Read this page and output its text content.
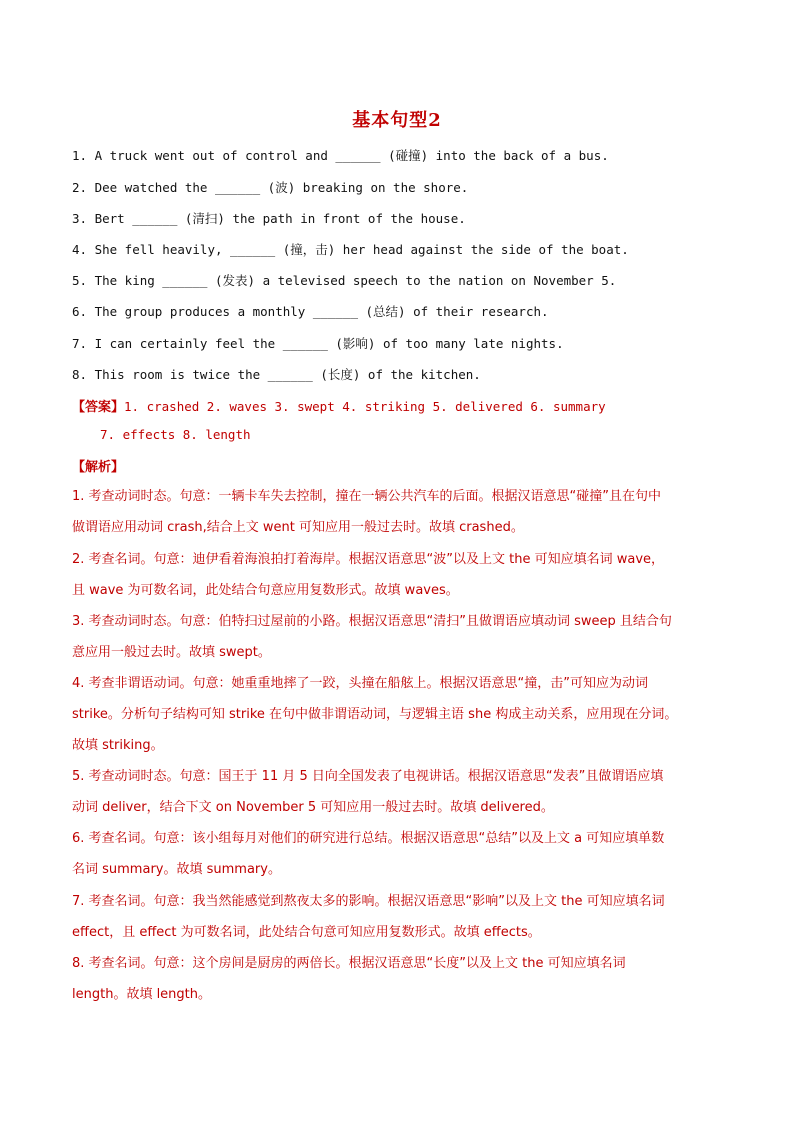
基本句型2
1. A truck went out of control and ______ (碰撞) into the back of a bus.
2. Dee watched the ______ (波) breaking on the shore.
3. Bert ______ (清扫) the path in front of the house.
4. She fell heavily, ______ (撞，击) her head against the side of the boat.
5. The king ______ (发表) a televised speech to the nation on November 5.
6. The group produces a monthly ______ (总结) of their research.
7. I can certainly feel the ______ (影响) of too many late nights.
8. This room is twice the ______ (长度) of the kitchen.
【答案】1. crashed 2. waves 3. swept 4. striking 5. delivered 6. summary
7. effects 8. length
【解析】
1. 考查动词时态。句意：一辆卡车失去控制，撞在一辆公共汽车的后面。根据汉语意思“碰撞”且在句中
做谓语应用动词 crash,结合上文 went 可知应用一般过去时。故填 crashed。
2. 考查名词。句意：迪伊看着海浪拍打着海岸。根据汉语意思“波”以及上文 the 可知应填名词 wave，
且 wave 为可数名词，此处结合句意应用复数形式。故填 waves。
3. 考查动词时态。句意：伯特扫过屋前的小路。根据汉语意思“清扫”且做谓语应填动词 sweep 且结合句
意应用一般过去时。故填 swept。
4. 考查非谓语动词。句意：她重重地摔了一跤，头撞在船舷上。根据汉语意思“撞，击”可知应为动词
strike。分析句子结构可知 strike 在句中做非谓语动词，与逻辑主语 she 构成主动关系，应用现在分词。
故填 striking。
5. 考查动词时态。句意：国王于 11 月 5 日向全国发表了电视讲话。根据汉语意思“发表”且做谓语应填
动词 deliver，结合下文 on November 5 可知应用一般过去时。故填 delivered。
6. 考查名词。句意：该小组每月对他们的研究进行总结。根据汉语意思“总结”以及上文 a 可知应填单数
名词 summary。故填 summary。
7. 考查名词。句意：我当然能感觉到熬夜太多的影响。根据汉语意思“影响”以及上文 the 可知应填名词
effect，且 effect 为可数名词，此处结合句意可知应用复数形式。故填 effects。
8. 考查名词。句意：这个房间是厨房的两倍长。根据汉语意思“长度”以及上文 the 可知应填名词
length。故填 length。
